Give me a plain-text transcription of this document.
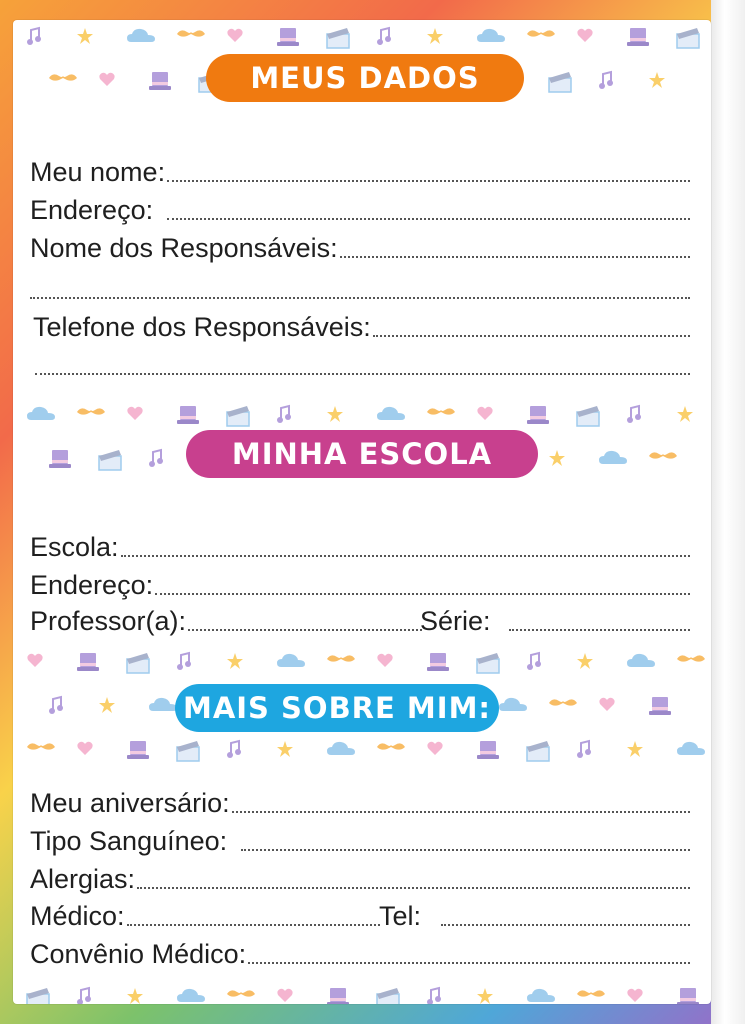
MEUS DADOS
Meu nome:
Endereço:
Nome dos Responsáveis:
Telefone dos Responsáveis:
MINHA ESCOLA
Escola:
Endereço:
Professor(a):	Série:
MAIS SOBRE MIM:
Meu aniversário:
Tipo Sanguíneo:
Alergias:
Médico:	Tel:
Convênio Médico:
